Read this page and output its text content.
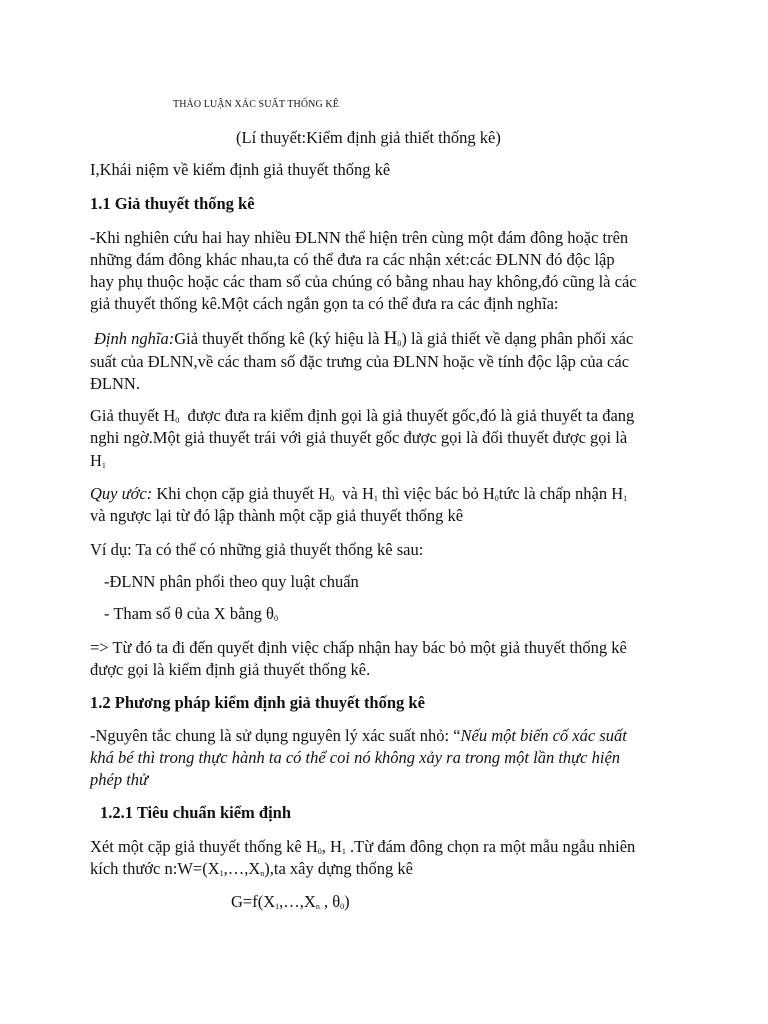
THẢO LUẬN XÁC SUẤT THỐNG KÊ
(Lí thuyết:Kiểm định giả thiết thống kê)
I,Khái niệm về kiểm định giả thuyết thống kê
1.1 Giả thuyết thống kê
-Khi nghiên cứu hai hay nhiều ĐLNN thể hiện trên cùng một đám đông hoặc trên
những đám đông khác nhau,ta có thể đưa ra các nhận xét:các ĐLNN đó độc lập
hay phụ thuộc hoặc các tham số của chúng có bằng nhau hay không,đó cũng là các
giả thuyết thống kê.Một cách ngắn gọn ta có thể đưa ra các định nghĩa:
Định nghĩa:Giả thuyết thống kê (ký hiệu là $H_0$) là giả thiết về dạng phân phối xác
suất của ĐLNN,về các tham số đặc trưng của ĐLNN hoặc về tính độc lập của các
ĐLNN.
Giả thuyết $H_0$  được đưa ra kiểm định gọi là giả thuyết gốc,đó là giả thuyết ta đang
nghi ngờ.Một giả thuyết trái với giả thuyết gốc được gọi là đối thuyết được gọi là
$H_1$
Quy ước: Khi chọn cặp giả thuyết $H_0$  và $H_1$ thì việc bác bỏ $H_0tức$ là chấp nhận $H_1$
và ngược lại từ đó lập thành một cặp giả thuyết thống kê
Ví dụ: Ta có thể có những giả thuyết thống kê sau:
-ĐLNN phân phối theo quy luật chuẩn
- Tham số θ của X bằng $\theta_0$
=> Từ đó ta đi đến quyết định việc chấp nhận hay bác bỏ một giả thuyết thống kê
được gọi là kiểm định giả thuyết thống kê.
1.2 Phương pháp kiểm định giả thuyết thống kê
-Nguyên tắc chung là sử dụng nguyên lý xác suất nhỏ: “Nếu một biến cố xác suất
khá bé thì trong thực hành ta có thể coi nó không xảy ra trong một lần thực hiện
phép thử
1.2.1 Tiêu chuẩn kiểm định
Xét một cặp giả thuyết thống kê $H_0$, $H_1$ .Từ đám đông chọn ra một mẫu ngẫu nhiên
kích thước $n:W=(X_1,\dots,X_n),ta$ xây dựng thống kê
$G=f(X_1,\dots,X_n$ , $\theta_0$)
